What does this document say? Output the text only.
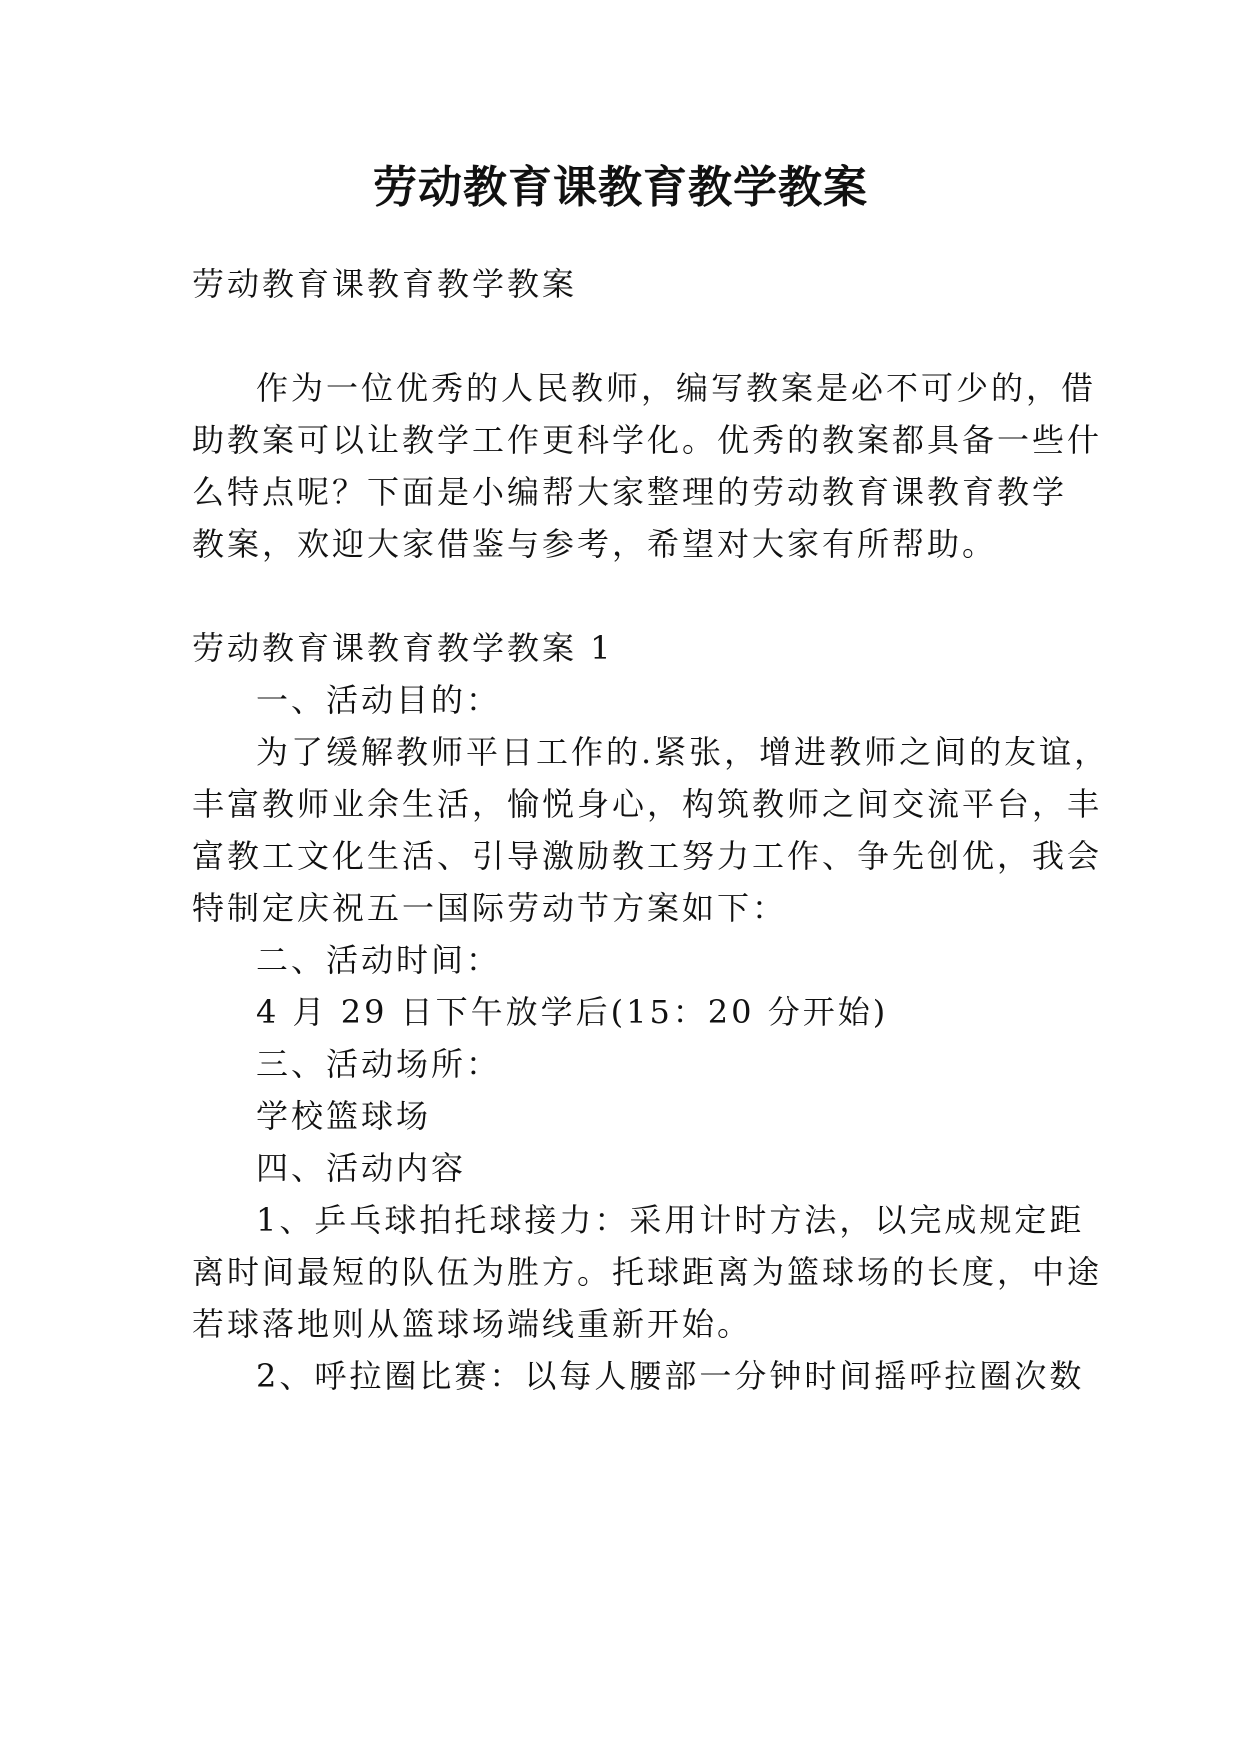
劳动教育课教育教学教案
劳动教育课教育教学教案
作为一位优秀的人民教师，编写教案是必不可少的，借
助教案可以让教学工作更科学化。优秀的教案都具备一些什
么特点呢？下面是小编帮大家整理的劳动教育课教育教学
教案，欢迎大家借鉴与参考，希望对大家有所帮助。
劳动教育课教育教学教案 1
一、活动目的：
为了缓解教师平日工作的.紧张，增进教师之间的友谊，
丰富教师业余生活，愉悦身心，构筑教师之间交流平台，丰
富教工文化生活、引导激励教工努力工作、争先创优，我会
特制定庆祝五一国际劳动节方案如下：
二、活动时间：
4 月 29 日下午放学后(15：20 分开始)
三、活动场所：
学校篮球场
四、活动内容
1、乒乓球拍托球接力：采用计时方法，以完成规定距
离时间最短的队伍为胜方。托球距离为篮球场的长度，中途
若球落地则从篮球场端线重新开始。
2、呼拉圈比赛：以每人腰部一分钟时间摇呼拉圈次数
